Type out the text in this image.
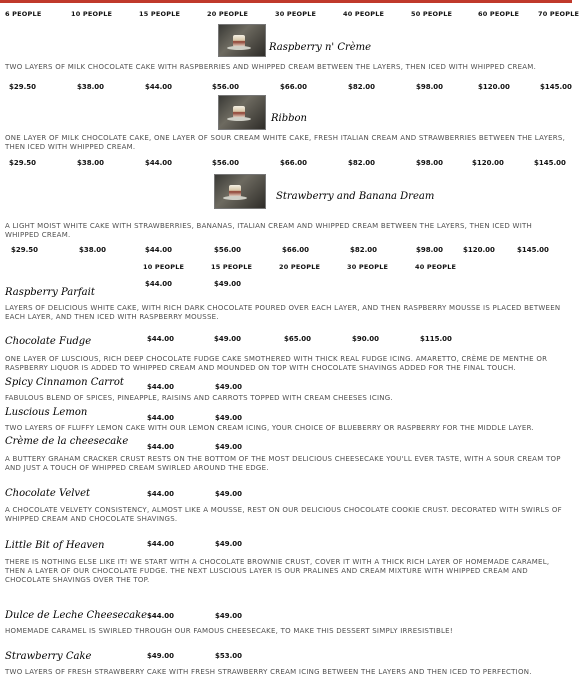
6 PEOPLE	10 PEOPLE	15 PEOPLE	20 PEOPLE	30 PEOPLE	40 PEOPLE	50 PEOPLE	60 PEOPLE	70 PEOPLE
Raspberry n' Crème
TWO LAYERS OF MILK CHOCOLATE CAKE WITH RASPBERRIES AND WHIPPED CREAM BETWEEN THE LAYERS, THEN ICED WITH WHIPPED CREAM.
$29.50	$38.00	$44.00	$56.00	$66.00	$82.00	$98.00	$120.00	$145.00
Ribbon
ONE LAYER OF MILK CHOCOLATE CAKE, ONE LAYER OF SOUR CREAM WHITE CAKE, FRESH ITALIAN CREAM AND STRAWBERRIES BETWEEN THE LAYERS, THEN ICED WITH WHIPPED CREAM.
$29.50	$38.00	$44.00	$56.00	$66.00	$82.00	$98.00	$120.00	$145.00
Strawberry and Banana Dream
A LIGHT MOIST WHITE CAKE WITH STRAWBERRIES, BANANAS, ITALIAN CREAM AND WHIPPED CREAM BETWEEN THE LAYERS, THEN ICED WITH WHIPPED CREAM.
$29.50	$38.00	$44.00	$56.00	$66.00	$82.00	$98.00	$120.00	$145.00
10 PEOPLE	15 PEOPLE	20 PEOPLE	30 PEOPLE	40 PEOPLE
$44.00	$49.00
Raspberry Parfait
LAYERS OF DELICIOUS WHITE CAKE, WITH RICH DARK CHOCOLATE POURED OVER EACH LAYER, AND THEN RASPBERRY MOUSSE IS PLACED BETWEEN EACH LAYER, AND THEN ICED WITH RASPBERRY MOUSSE.
Chocolate Fudge	$44.00	$49.00	$65.00	$90.00	$115.00
ONE LAYER OF LUSCIOUS, RICH DEEP CHOCOLATE FUDGE CAKE SMOTHERED WITH THICK REAL FUDGE ICING. AMARETTO, CRÈME DE MENTHE OR RASPBERRY LIQUOR IS ADDED TO WHIPPED CREAM AND MOUNDED ON TOP WITH CHOCOLATE SHAVINGS ADDED FOR THE FINAL TOUCH.
Spicy Cinnamon Carrot	$44.00	$49.00
FABULOUS BLEND OF SPICES, PINEAPPLE, RAISINS AND CARROTS TOPPED WITH CREAM CHEESES ICING.
Luscious Lemon	$44.00	$49.00
TWO LAYERS OF FLUFFY LEMON CAKE WITH OUR LEMON CREAM ICING, YOUR CHOICE OF BLUEBERRY OR RASPBERRY FOR THE MIDDLE LAYER.
Crème de la cheesecake	$44.00	$49.00
A BUTTERY GRAHAM CRACKER CRUST RESTS ON THE BOTTOM OF THE MOST DELICIOUS CHEESECAKE YOU'LL EVER TASTE, WITH A SOUR CREAM TOP AND JUST A TOUCH OF WHIPPED CREAM SWIRLED AROUND THE EDGE.
Chocolate Velvet	$44.00	$49.00
A CHOCOLATE VELVETY CONSISTENCY, ALMOST LIKE A MOUSSE, REST ON OUR DELICIOUS CHOCOLATE COOKIE CRUST. DECORATED WITH SWIRLS OF WHIPPED CREAM AND CHOCOLATE SHAVINGS.
Little Bit of Heaven	$44.00	$49.00
THERE IS NOTHING ELSE LIKE IT! WE START WITH A CHOCOLATE BROWNIE CRUST, COVER IT WITH A THICK RICH LAYER OF HOMEMADE CARAMEL, THEN A LAYER OF OUR CHOCOLATE FUDGE. THE NEXT LUSCIOUS LAYER IS OUR PRALINES AND CREAM MIXTURE WITH WHIPPED CREAM AND CHOCOLATE SHAVINGS OVER THE TOP.
Dulce de Leche Cheesecake $44.00	$49.00
HOMEMADE CARAMEL IS SWIRLED THROUGH OUR FAMOUS CHEESECAKE, TO MAKE THIS DESSERT SIMPLY IRRESISTIBLE!
Strawberry Cake	$49.00	$53.00
TWO LAYERS OF FRESH STRAWBERRY CAKE WITH FRESH STRAWBERRY CREAM ICING BETWEEN THE LAYERS AND THEN ICED TO PERFECTION.
